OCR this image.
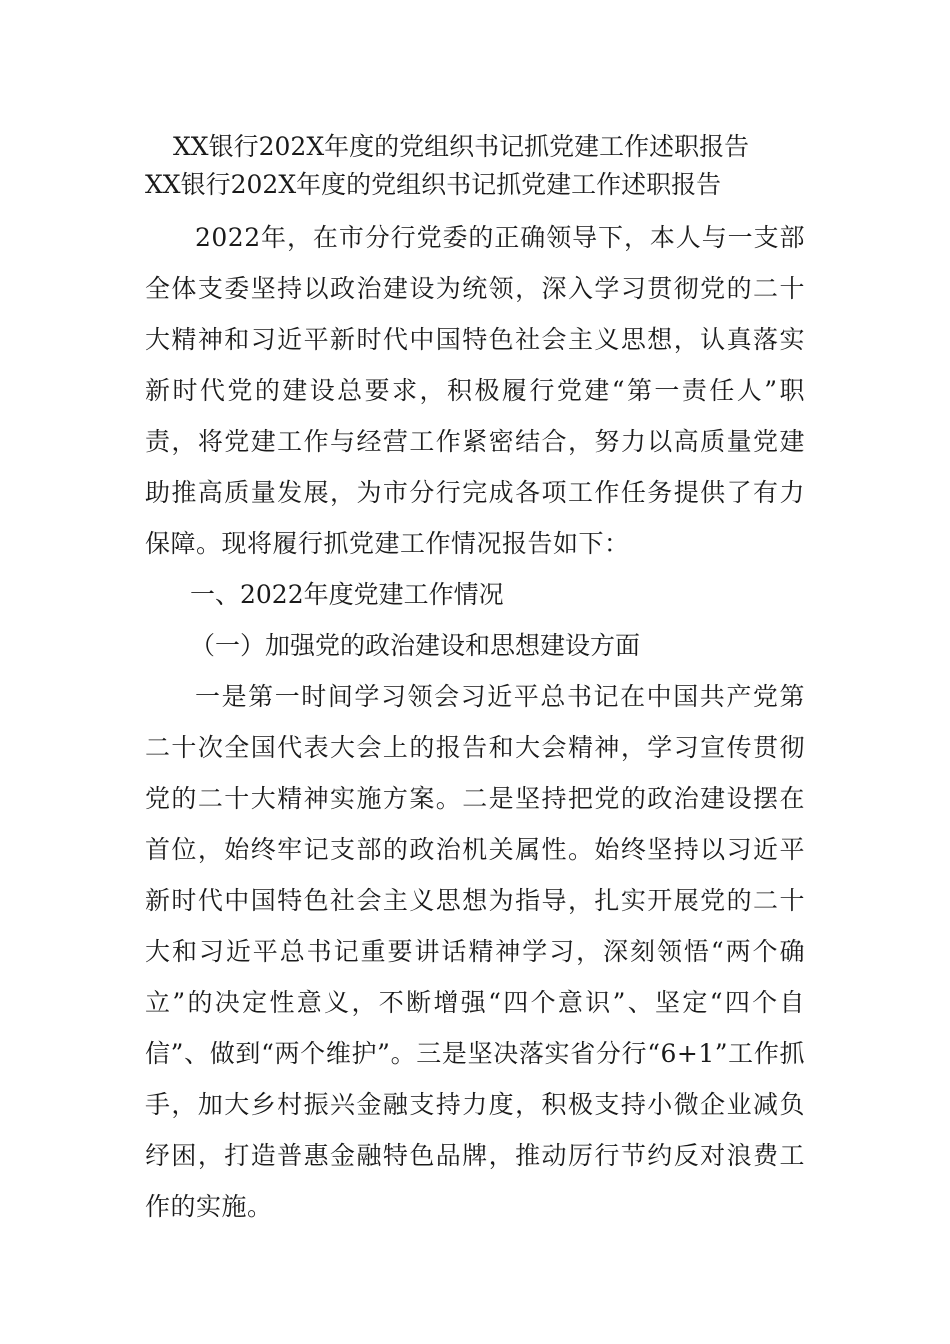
XX银行202X年度的党组织书记抓党建工作述职报告

XX银行202X年度的党组织书记抓党建工作述职报告

2022年，在市分行党委的正确领导下，本人与一支部全体支委坚持以政治建设为统领，深入学习贯彻党的二十大精神和习近平新时代中国特色社会主义思想，认真落实新时代党的建设总要求，积极履行党建“第一责任人”职责，将党建工作与经营工作紧密结合，努力以高质量党建助推高质量发展，为市分行完成各项工作任务提供了有力保障。现将履行抓党建工作情况报告如下：

一、2022年度党建工作情况

（一）加强党的政治建设和思想建设方面

一是第一时间学习领会习近平总书记在中国共产党第二十次全国代表大会上的报告和大会精神，学习宣传贯彻党的二十大精神实施方案。二是坚持把党的政治建设摆在首位，始终牢记支部的政治机关属性。始终坚持以习近平新时代中国特色社会主义思想为指导，扎实开展党的二十大和习近平总书记重要讲话精神学习，深刻领悟“两个确立”的决定性意义，不断增强“四个意识”、坚定“四个自信”、做到“两个维护”。三是坚决落实省分行“6+1”工作抓手，加大乡村振兴金融支持力度，积极支持小微企业减负纾困，打造普惠金融特色品牌，推动厉行节约反对浪费工作的实施。
